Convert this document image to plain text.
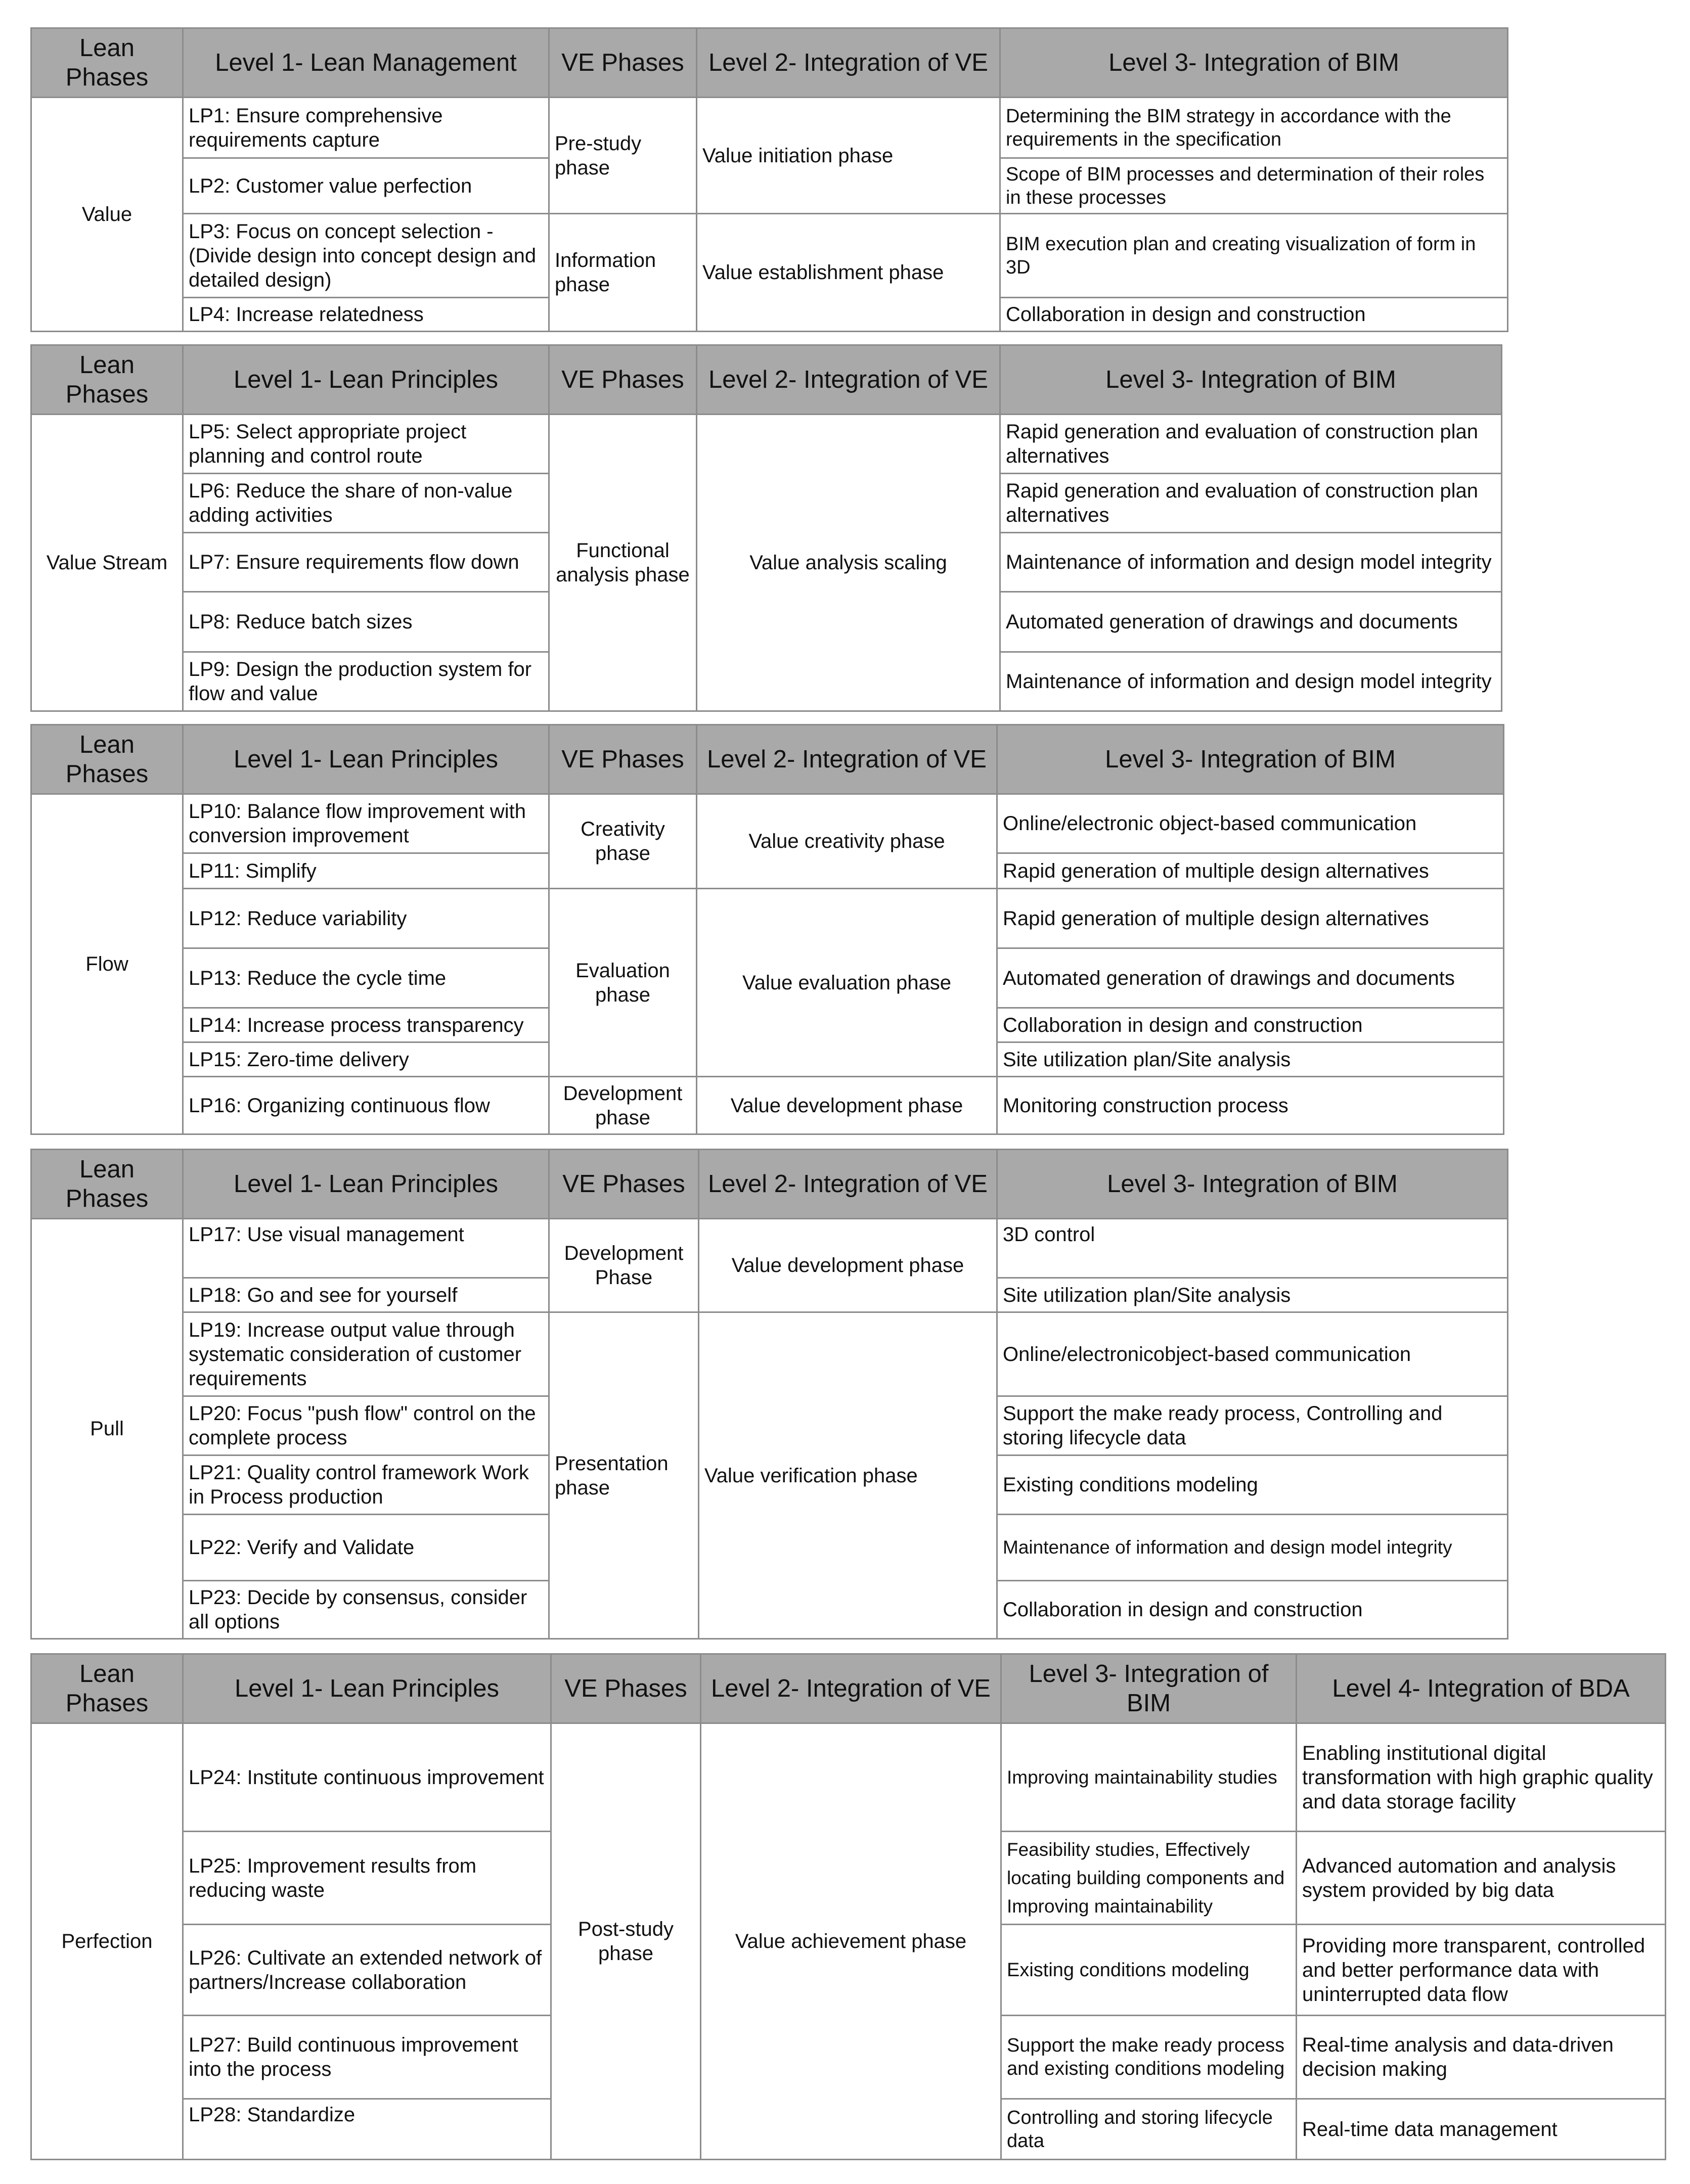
Lean Phases	Level 1- Lean Management	VE Phases	Level 2- Integration of VE	Level 3- Integration of BIM
Value	LP1: Ensure comprehensive requirements capture	Pre-study phase	Value initiation phase	Determining the BIM strategy in accordance with the requirements in the specification
	LP2: Customer value perfection			Scope of BIM processes and determination of their roles in these processes
	LP3: Focus on concept selection - (Divide design into concept design and detailed design)	Information phase	Value establishment phase	BIM execution plan and creating visualization of form in 3D
	LP4: Increase relatedness			Collaboration in design and construction
Lean Phases	Level 1- Lean Principles	VE Phases	Level 2- Integration of VE	Level 3- Integration of BIM
Value Stream	LP5: Select appropriate project planning and control route	Functional analysis phase	Value analysis scaling	Rapid generation and evaluation of construction plan alternatives
	LP6: Reduce the share of non-value adding activities			Rapid generation and evaluation of construction plan alternatives
	LP7: Ensure requirements flow down			Maintenance of information and design model integrity
	LP8: Reduce batch sizes			Automated generation of drawings and documents
	LP9: Design the production system for flow and value			Maintenance of information and design model integrity
Lean Phases	Level 1- Lean Principles	VE Phases	Level 2- Integration of VE	Level 3- Integration of BIM
Flow	LP10: Balance flow improvement with conversion improvement	Creativity phase	Value creativity phase	Online/electronic object-based communication
	LP11: Simplify			Rapid generation of multiple design alternatives
	LP12: Reduce variability	Evaluation phase	Value evaluation phase	Rapid generation of multiple design alternatives
	LP13: Reduce the cycle time			Automated generation of drawings and documents
	LP14: Increase process transparency			Collaboration in design and construction
	LP15: Zero-time delivery			Site utilization plan/Site analysis
	LP16: Organizing continuous flow	Development phase	Value development phase	Monitoring construction process
Lean Phases	Level 1- Lean Principles	VE Phases	Level 2- Integration of VE	Level 3- Integration of BIM
Pull	LP17: Use visual management	Development Phase	Value development phase	3D control
	LP18: Go and see for yourself			Site utilization plan/Site analysis
	LP19: Increase output value through systematic consideration of customer requirements	Presentation phase	Value verification phase	Online/electronicobject-based communication
	LP20: Focus "push flow" control on the complete process			Support the make ready process, Controlling and storing lifecycle data
	LP21: Quality control framework Work in Process production			Existing conditions modeling
	LP22: Verify and Validate			Maintenance of information and design model integrity
	LP23: Decide by consensus, consider all options			Collaboration in design and construction
Lean Phases	Level 1- Lean Principles	VE Phases	Level 2- Integration of VE	Level 3- Integration of BIM	Level 4- Integration of BDA
Perfection	LP24: Institute continuous improvement	Post-study phase	Value achievement phase	Improving maintainability studies	Enabling institutional digital transformation with high graphic quality and data storage facility
	LP25: Improvement results from reducing waste			Feasibility studies, Effectively locating building components and Improving maintainability	Advanced automation and analysis system provided by big data
	LP26: Cultivate an extended network of partners/Increase collaboration			Existing conditions modeling	Providing more transparent, controlled and better performance data with uninterrupted data flow
	LP27: Build continuous improvement into the process			Support the make ready process and existing conditions modeling	Real-time analysis and data-driven decision making
	LP28: Standardize			Controlling and storing lifecycle data	Real-time data management
